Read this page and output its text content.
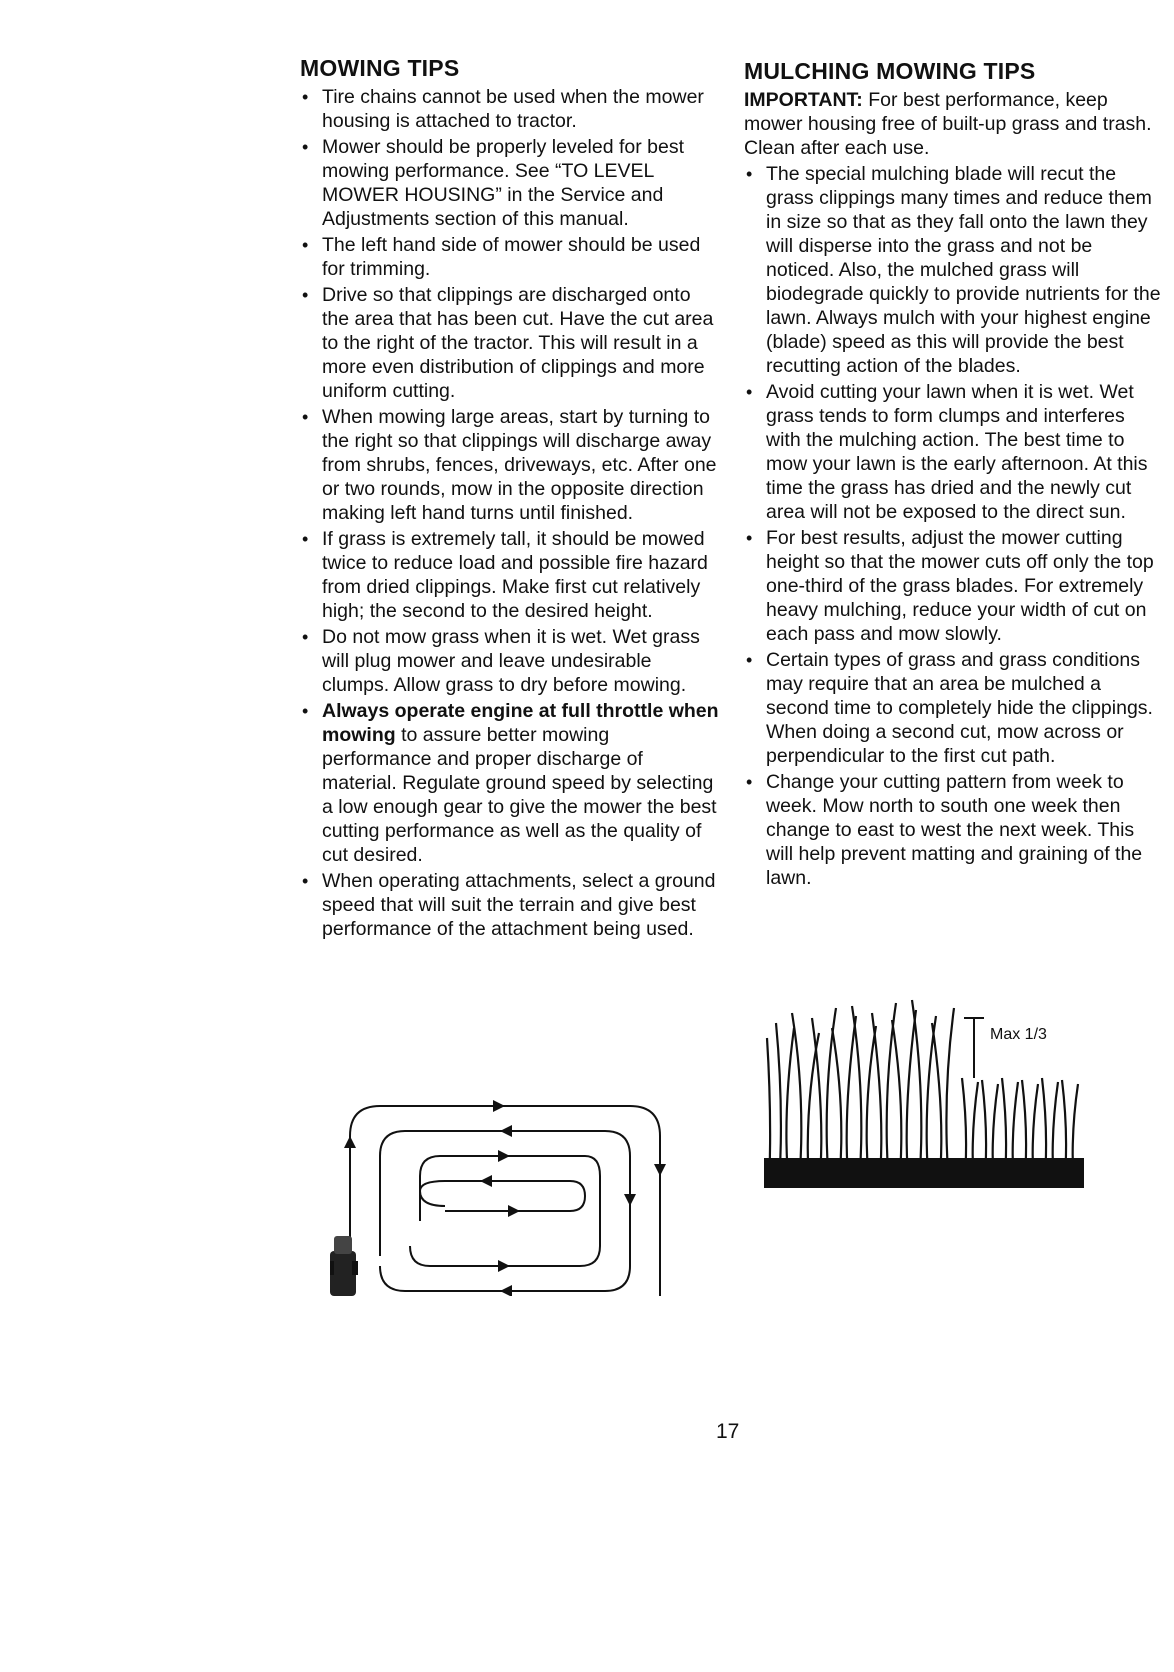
MOWING TIPS
• Tire chains cannot be used when the mower housing is attached to tractor.
• Mower should be properly leveled for best mowing performance. See “TO LEVEL MOWER HOUSING” in the Service and Adjustments section of this manual.
• The left hand side of mower should be used for trimming.
• Drive so that clippings are discharged onto the area that has been cut. Have the cut area to the right of the tractor. This will result in a more even distribution of clippings and more uniform cutting.
• When mowing large areas, start by turning to the right so that clippings will discharge away from shrubs, fences, driveways, etc. After one or two rounds, mow in the opposite direction making left hand turns until finished.
• If grass is extremely tall, it should be mowed twice to reduce load and possible fire hazard from dried clippings. Make first cut relatively high; the second to the desired height.
• Do not mow grass when it is wet. Wet grass will plug mower and leave undesirable clumps. Allow grass to dry before mowing.
• Always operate engine at full throttle when mowing to assure better mowing performance and proper discharge of material. Regulate ground speed by selecting a low enough gear to give the mower the best cutting performance as well as the quality of cut desired.
• When operating attachments, select a ground speed that will suit the terrain and give best performance of the attachment being used.
MULCHING MOWING TIPS

IMPORTANT: For best performance, keep mower housing free of built-up grass and trash. Clean after each use.

• The special mulching blade will recut the grass clippings many times and reduce them in size so that as they fall onto the lawn they will disperse into the grass and not be noticed. Also, the mulched grass will biodegrade quickly to provide nutrients for the lawn. Always mulch with your highest engine (blade) speed as this will provide the best recutting action of the blades.
• Avoid cutting your lawn when it is wet. Wet grass tends to form clumps and interferes with the mulching action. The best time to mow your lawn is the early afternoon. At this time the grass has dried and the newly cut area will not be exposed to the direct sun.
• For best results, adjust the mower cutting height so that the mower cuts off only the top one-third of the grass blades. For extremely heavy mulching, reduce your width of cut on each pass and mow slowly.
• Certain types of grass and grass conditions may require that an area be mulched a second time to completely hide the clippings. When doing a second cut, mow across or perpendicular to the first cut path.
• Change your cutting pattern from week to week. Mow north to south one week then change to east to west the next week. This will help prevent matting and graining of the lawn.
Max 1/3
17
